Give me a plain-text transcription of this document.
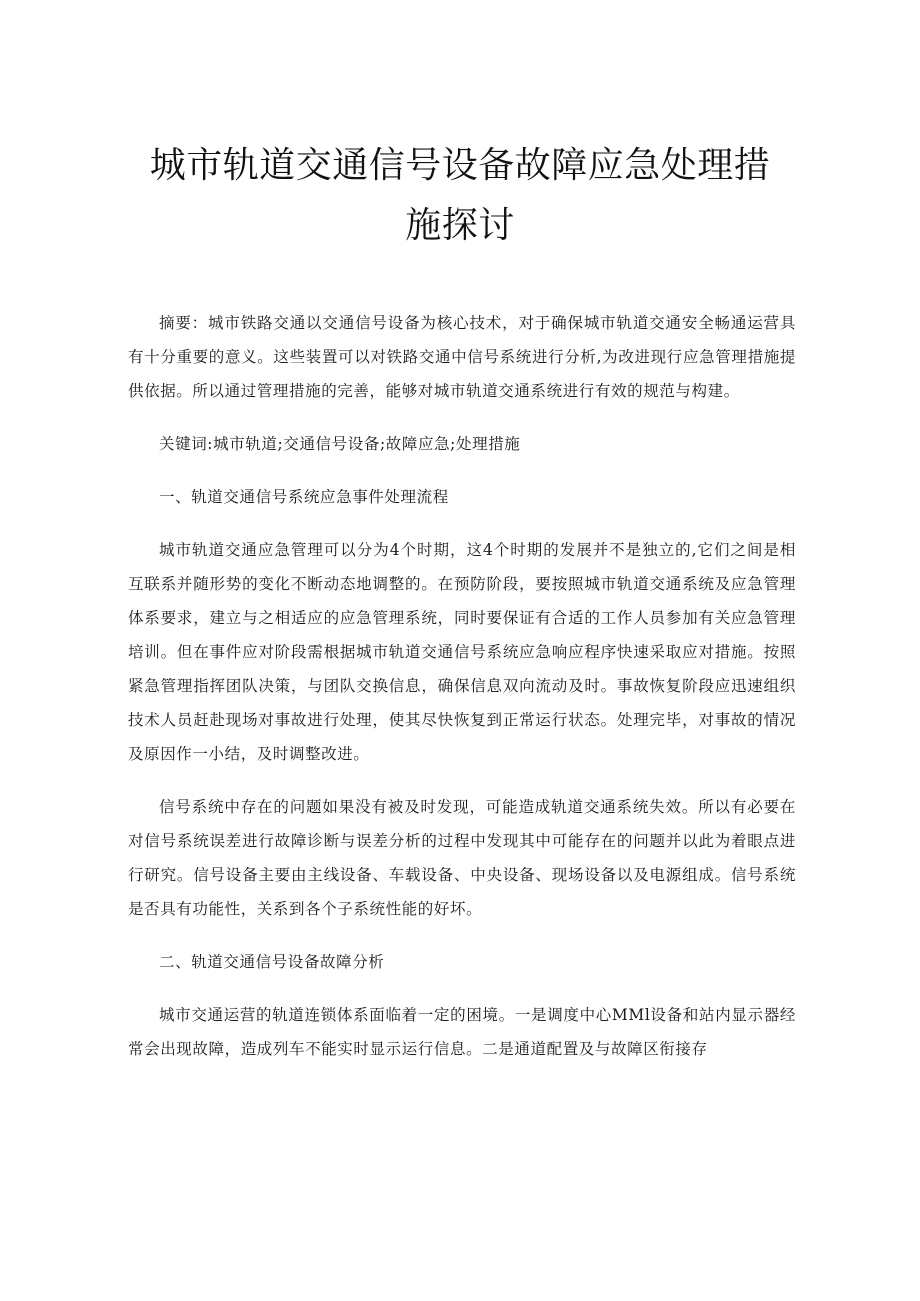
城市轨道交通信号设备故障应急处理措
施探讨

摘要：城市铁路交通以交通信号设备为核心技术，对于确保城市轨道交通安全畅通运营具有十分重要的意义。这些装置可以对铁路交通中信号系统进行分析,为改进现行应急管理措施提供依据。所以通过管理措施的完善，能够对城市轨道交通系统进行有效的规范与构建。

关键词:城市轨道;交通信号设备;故障应急;处理措施

一、轨道交通信号系统应急事件处理流程

城市轨道交通应急管理可以分为4个时期，这4个时期的发展并不是独立的,它们之间是相互联系并随形势的变化不断动态地调整的。在预防阶段，要按照城市轨道交通系统及应急管理体系要求，建立与之相适应的应急管理系统，同时要保证有合适的工作人员参加有关应急管理培训。但在事件应对阶段需根据城市轨道交通信号系统应急响应程序快速采取应对措施。按照紧急管理指挥团队决策，与团队交换信息，确保信息双向流动及时。事故恢复阶段应迅速组织技术人员赶赴现场对事故进行处理，使其尽快恢复到正常运行状态。处理完毕，对事故的情况及原因作一小结，及时调整改进。

信号系统中存在的问题如果没有被及时发现，可能造成轨道交通系统失效。所以有必要在对信号系统误差进行故障诊断与误差分析的过程中发现其中可能存在的问题并以此为着眼点进行研究。信号设备主要由主线设备、车载设备、中央设备、现场设备以及电源组成。信号系统是否具有功能性，关系到各个子系统性能的好坏。

二、轨道交通信号设备故障分析

城市交通运营的轨道连锁体系面临着一定的困境。一是调度中心MMl设备和站内显示器经常会出现故障，造成列车不能实时显示运行信息。二是通道配置及与故障区衔接存
